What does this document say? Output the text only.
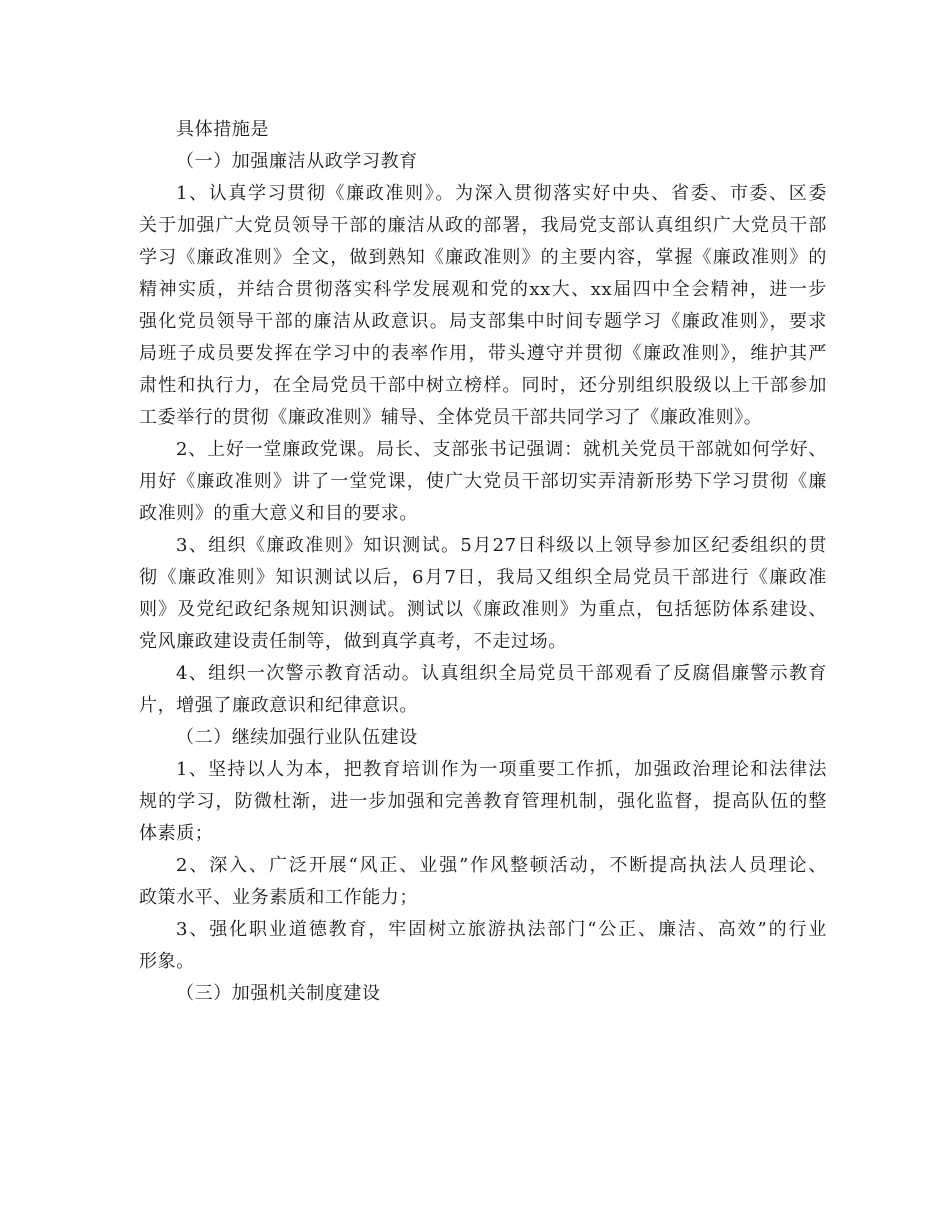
具体措施是
（一）加强廉洁从政学习教育
1、认真学习贯彻《廉政准则》。为深入贯彻落实好中央、省委、市委、区委
关于加强广大党员领导干部的廉洁从政的部署，我局党支部认真组织广大党员干部
学习《廉政准则》全文，做到熟知《廉政准则》的主要内容，掌握《廉政准则》的
精神实质，并结合贯彻落实科学发展观和党的xx大、xx届四中全会精神，进一步
强化党员领导干部的廉洁从政意识。局支部集中时间专题学习《廉政准则》，要求
局班子成员要发挥在学习中的表率作用，带头遵守并贯彻《廉政准则》，维护其严
肃性和执行力，在全局党员干部中树立榜样。同时，还分别组织股级以上干部参加
工委举行的贯彻《廉政准则》辅导、全体党员干部共同学习了《廉政准则》。
2、上好一堂廉政党课。局长、支部张书记强调：就机关党员干部就如何学好、
用好《廉政准则》讲了一堂党课，使广大党员干部切实弄清新形势下学习贯彻《廉
政准则》的重大意义和目的要求。
3、组织《廉政准则》知识测试。5月27日科级以上领导参加区纪委组织的贯
彻《廉政准则》知识测试以后，6月7日，我局又组织全局党员干部进行《廉政准
则》及党纪政纪条规知识测试。测试以《廉政准则》为重点，包括惩防体系建设、
党风廉政建设责任制等，做到真学真考，不走过场。
4、组织一次警示教育活动。认真组织全局党员干部观看了反腐倡廉警示教育
片，增强了廉政意识和纪律意识。
（二）继续加强行业队伍建设
1、坚持以人为本，把教育培训作为一项重要工作抓，加强政治理论和法律法
规的学习，防微杜渐，进一步加强和完善教育管理机制，强化监督，提高队伍的整
体素质；
2、深入、广泛开展“风正、业强”作风整顿活动，不断提高执法人员理论、
政策水平、业务素质和工作能力；
3、强化职业道德教育，牢固树立旅游执法部门“公正、廉洁、高效”的行业
形象。
（三）加强机关制度建设
